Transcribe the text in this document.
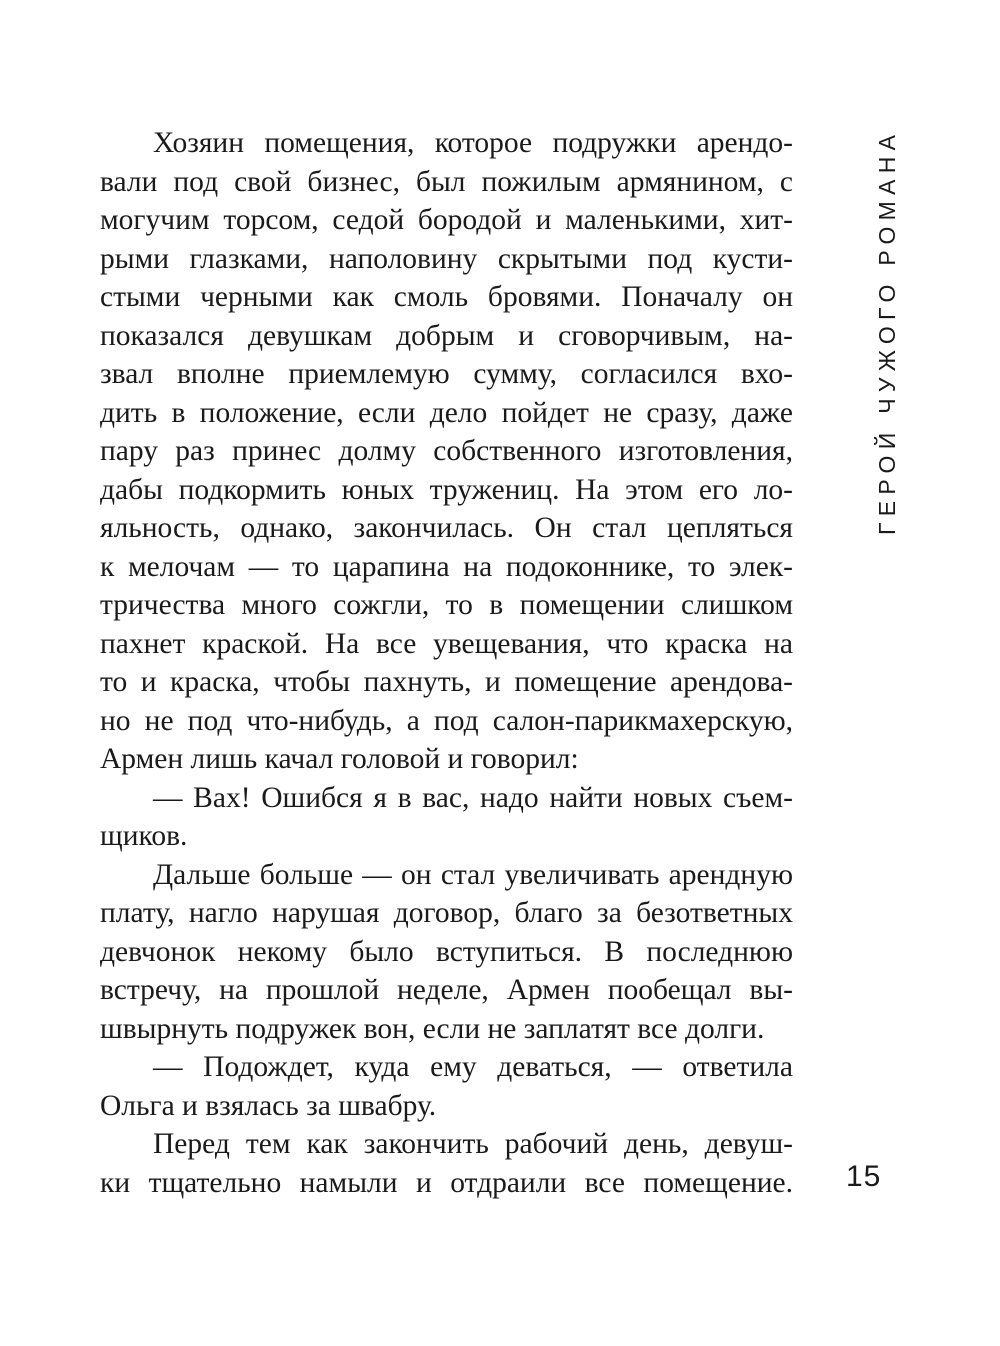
Хозяин помещения, которое подружки арендо-
вали под свой бизнес, был пожилым армянином, с
могучим торсом, седой бородой и маленькими, хит-
рыми глазками, наполовину скрытыми под кусти-
стыми черными как смоль бровями. Поначалу он
показался девушкам добрым и сговорчивым, на-
звал вполне приемлемую сумму, согласился вхо-
дить в положение, если дело пойдет не сразу, даже
пару раз принес долму собственного изготовления,
дабы подкормить юных тружениц. На этом его ло-
яльность, однако, закончилась. Он стал цепляться
к мелочам — то царапина на подоконнике, то элек-
тричества много сожгли, то в помещении слишком
пахнет краской. На все увещевания, что краска на
то и краска, чтобы пахнуть, и помещение арендова-
но не под что-нибудь, а под салон-парикмахерскую,
Армен лишь качал головой и говорил:
— Вах! Ошибся я в вас, надо найти новых съем-
щиков.
Дальше больше — он стал увеличивать арендную
плату, нагло нарушая договор, благо за безответных
девчонок некому было вступиться. В последнюю
встречу, на прошлой неделе, Армен пообещал вы-
швырнуть подружек вон, если не заплатят все долги.
— Подождет, куда ему деваться, — ответила
Ольга и взялась за швабру.
Перед тем как закончить рабочий день, девуш-
ки тщательно намыли и отдраили все помещение.
ГЕРОЙ ЧУЖОГО РОМАНА
15
